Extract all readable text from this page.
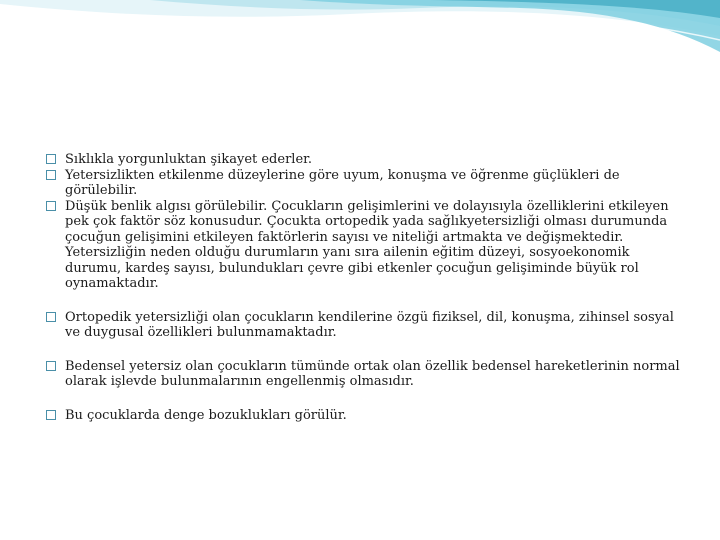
Sıklıkla yorgunluktan şikayet ederler.
Yetersizlikten etkilenme düzeylerine göre uyum, konuşma ve öğrenme güçlükleri de görülebilir.
Düşük benlik algısı görülebilir. Çocukların gelişimlerini ve dolayısıyla özelliklerini etkileyen pek çok faktör söz konusudur. Çocukta ortopedik yada sağlıkyetersizliği olması durumunda çocuğun gelişimini etkileyen faktörlerin sayısı ve niteliği artmakta ve değişmektedir. Yetersizliğin neden olduğu durumların yanı sıra ailenin eğitim düzeyi, sosyoekonomik durumu, kardeş sayısı, bulundukları çevre gibi etkenler çocuğun gelişiminde büyük rol oynamaktadır.
Ortopedik yetersizliği olan çocukların kendilerine özgü fiziksel, dil, konuşma, zihinsel sosyal ve duygusal özellikleri bulunmamaktadır.
Bedensel yetersiz olan çocukların tümünde ortak olan özellik bedensel hareketlerinin normal olarak işlevde bulunmalarının engellenmiş olmasıdır.
Bu çocuklarda denge bozuklukları görülür.
